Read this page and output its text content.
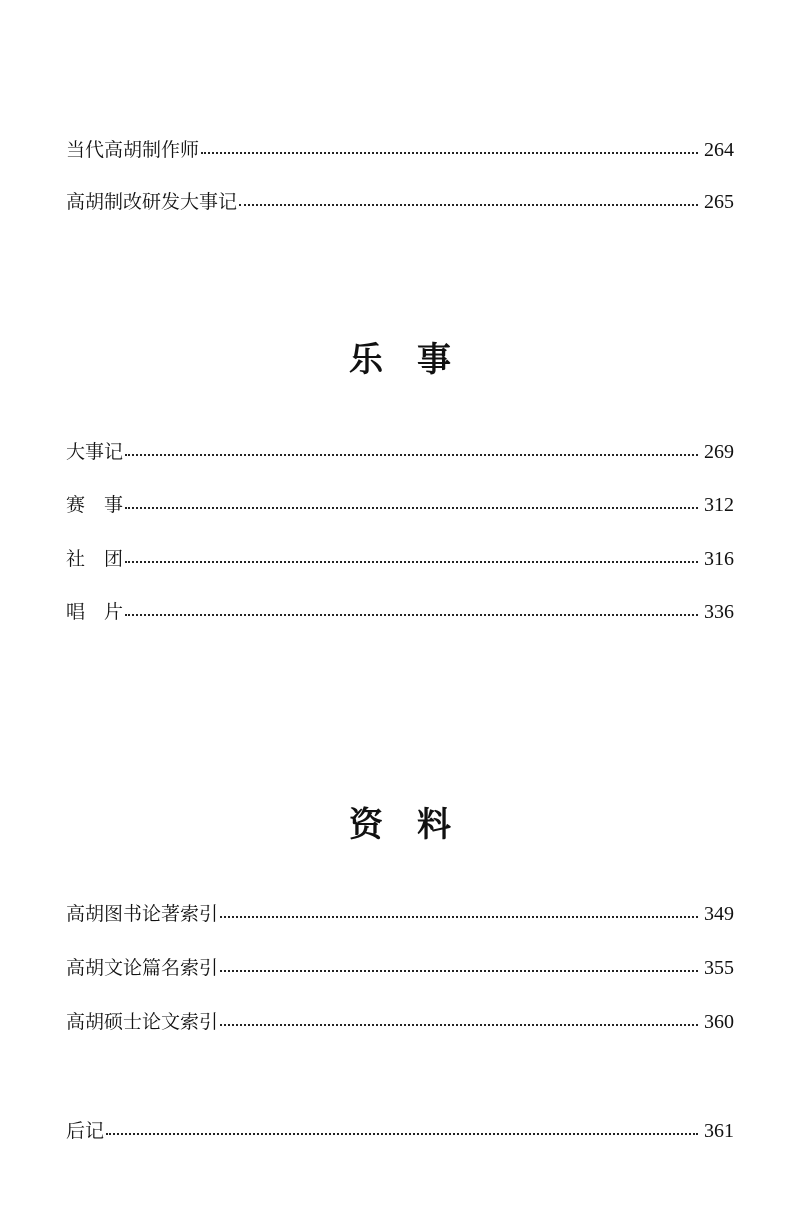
当代高胡制作师	264
高胡制改研发大事记	265
乐事
大事记	269
赛　事	312
社　团	316
唱　片	336
资料
高胡图书论著索引	349
高胡文论篇名索引	355
高胡硕士论文索引	360
后记	361
